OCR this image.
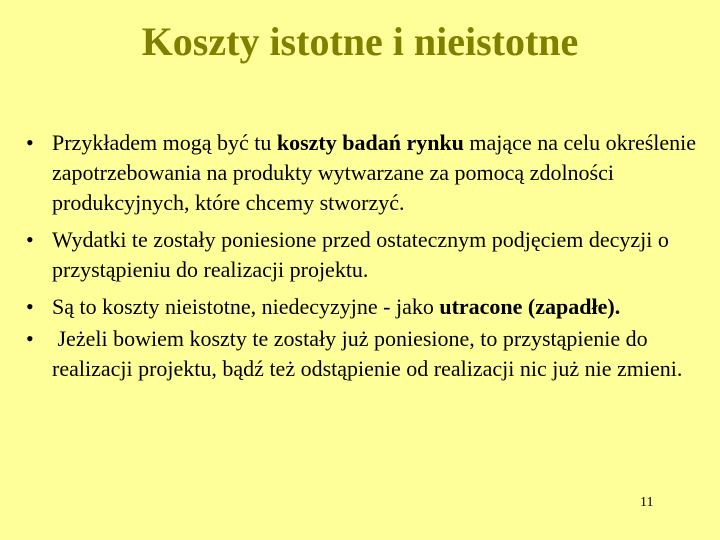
Koszty istotne i nieistotne
• Przykładem mogą być tu koszty badań rynku mające na celu określenie zapotrzebowania na produkty wytwarzane za pomocą zdolności produkcyjnych, które chcemy stworzyć.
• Wydatki te zostały poniesione przed ostatecznym podjęciem decyzji o przystąpieniu do realizacji projektu.
• Są to koszty nieistotne, niedecyzyjne - jako utracone (zapadłe).
• Jeżeli bowiem koszty te zostały już poniesione, to przystąpienie do realizacji projektu, bądź też odstąpienie od realizacji nic już nie zmieni.
11
